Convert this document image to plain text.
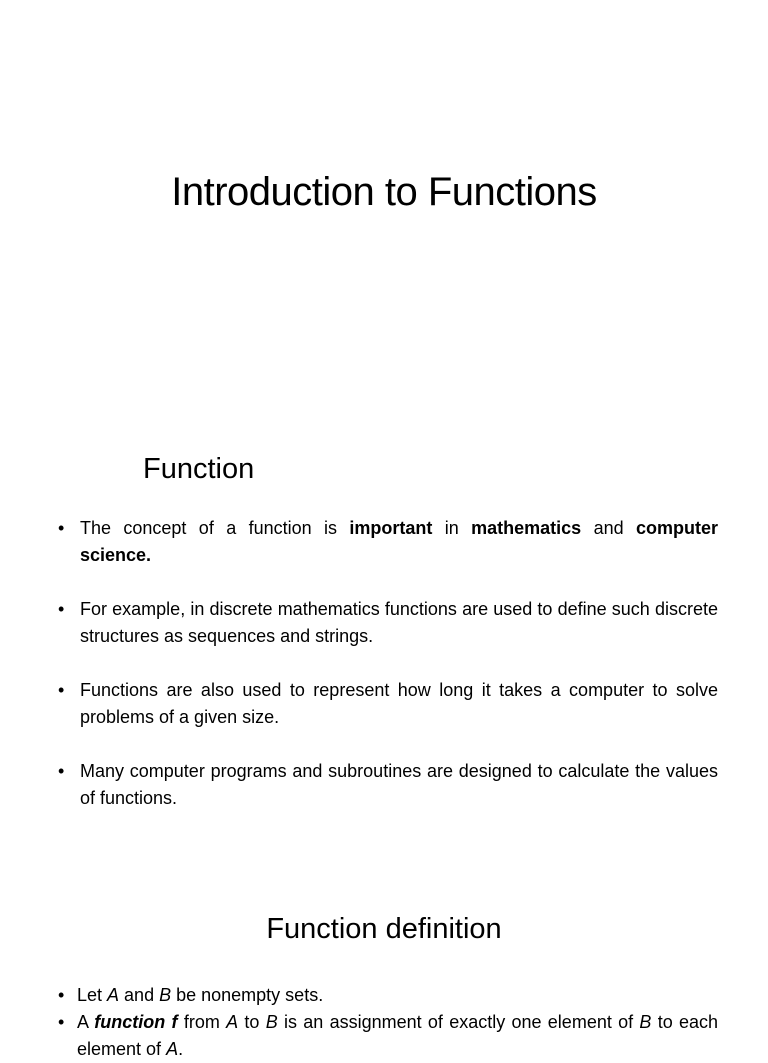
Introduction to Functions
Function
• The concept of a function is important in mathematics and computer science.
• For example, in discrete mathematics functions are used to define such discrete structures as sequences and strings.
• Functions are also used to represent how long it takes a computer to solve problems of a given size.
• Many computer programs and subroutines are designed to calculate the values of functions.
Function definition
• Let A and B be nonempty sets.
• A function f from A to B is an assignment of exactly one element of B to each element of A.
